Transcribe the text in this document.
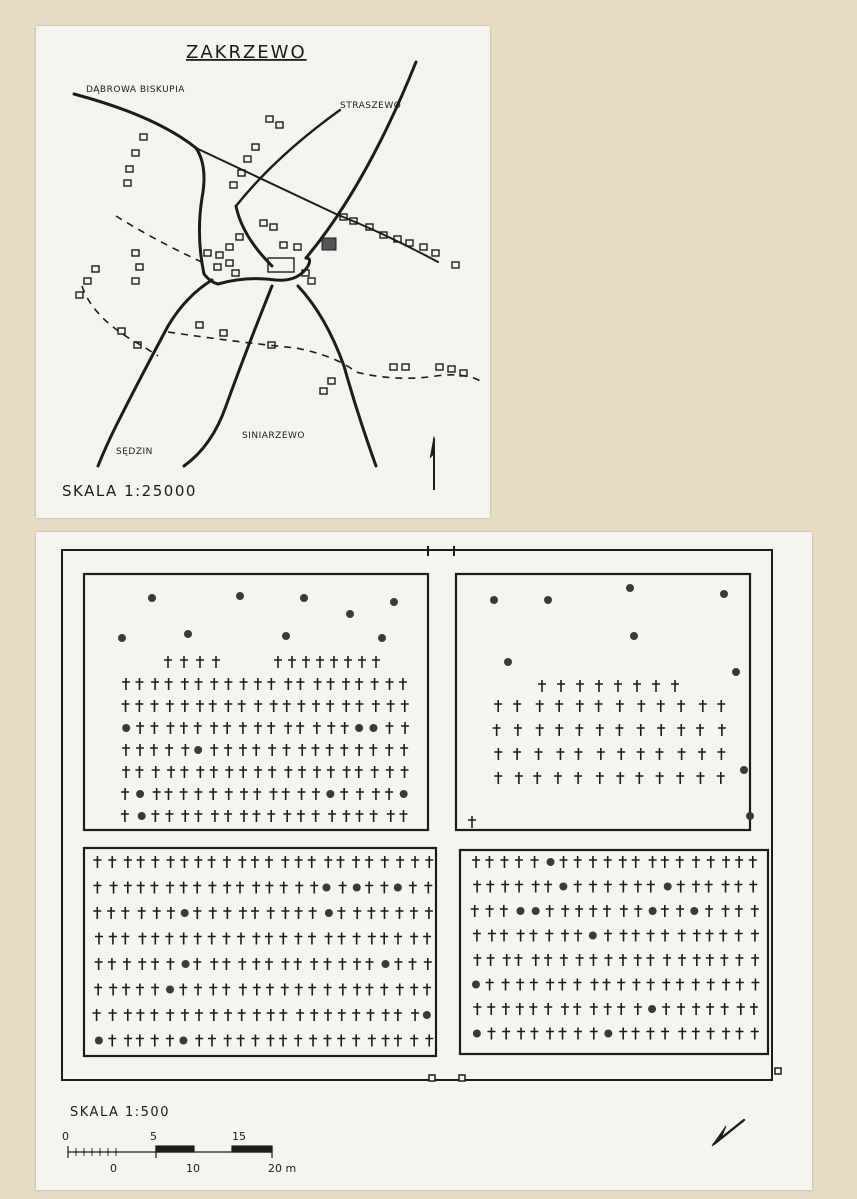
ZAKRZEWO
DĄBROWA BISKUPIA
STRASZEWO
SĘDZIN
SINIARZEWO
SKALA 1:25000
SKALA 1:500
0	5	15
0	10	20 m
